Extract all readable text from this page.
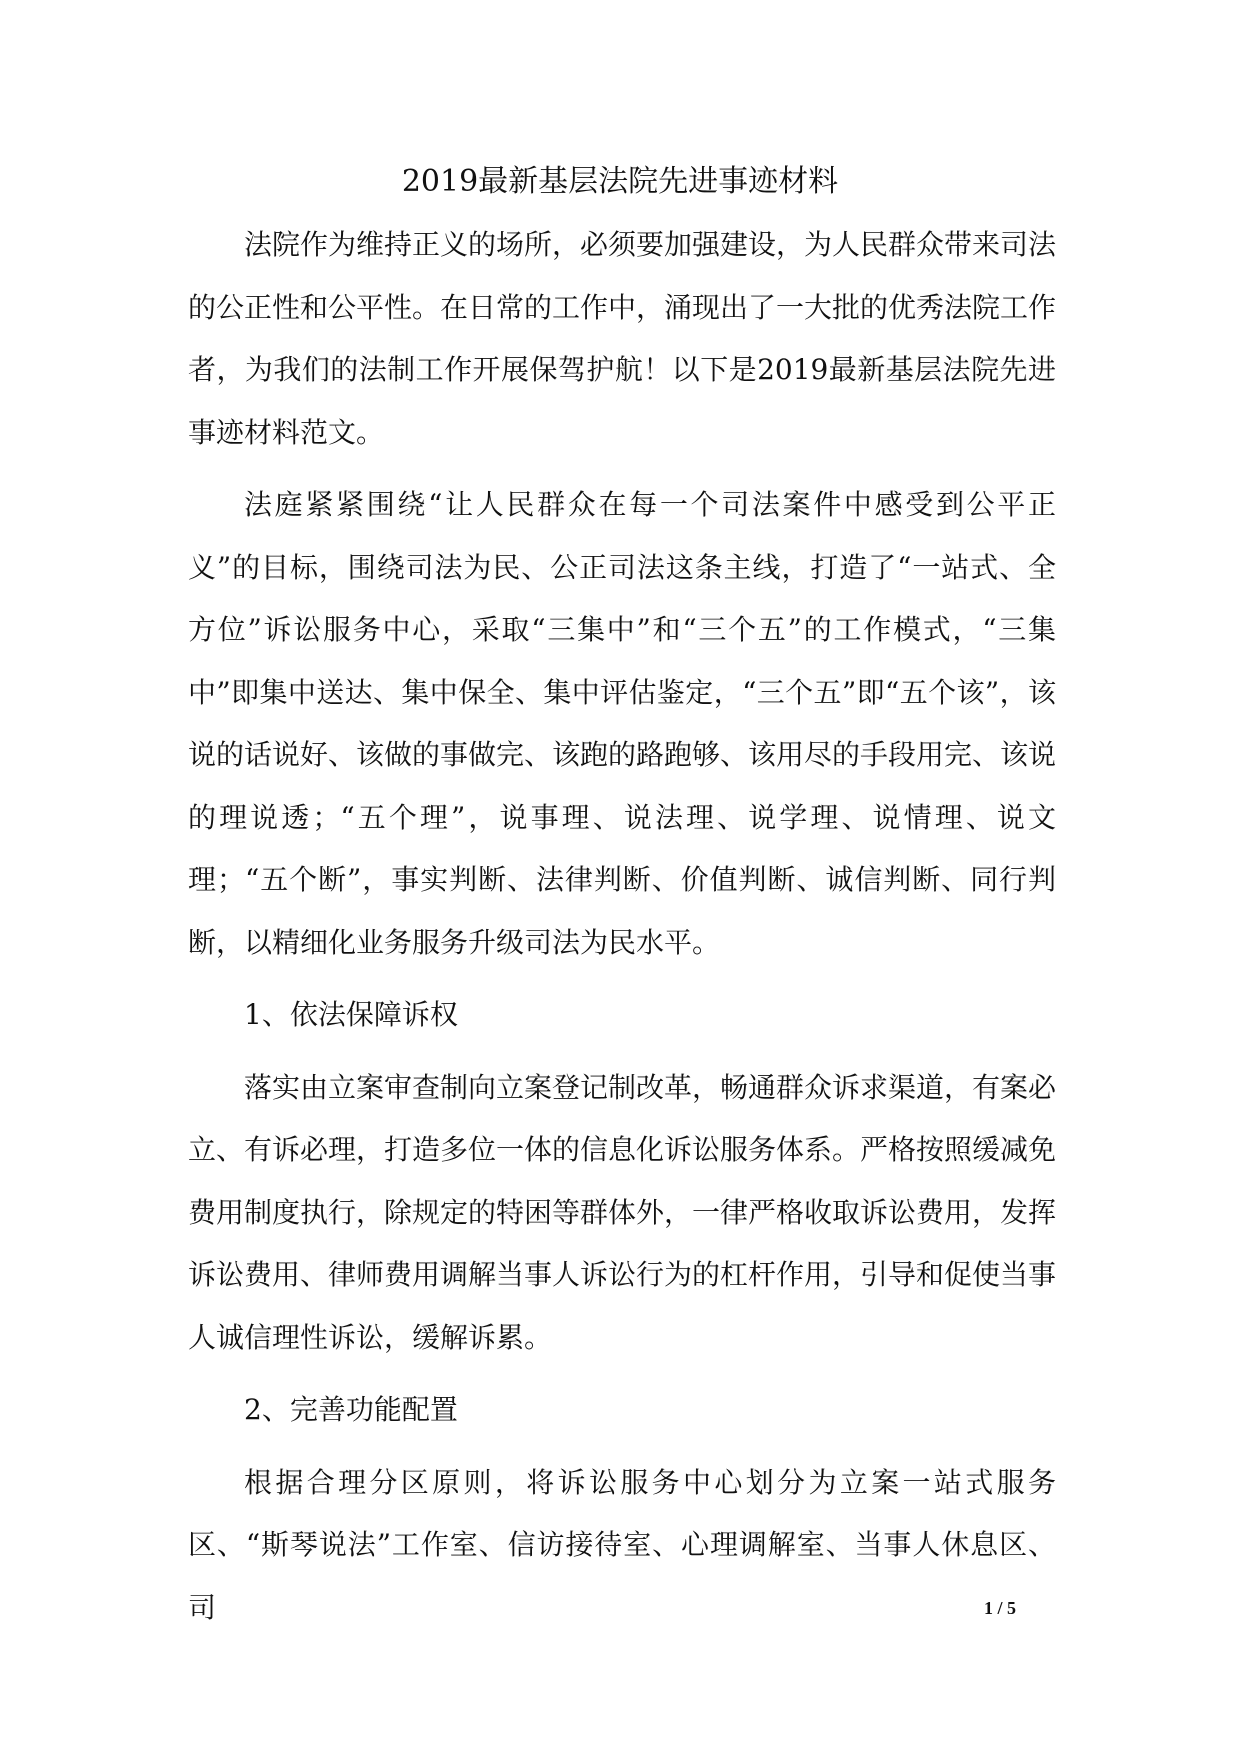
2019最新基层法院先进事迹材料

法院作为维持正义的场所，必须要加强建设，为人民群众带来司法的公正性和公平性。在日常的工作中，涌现出了一大批的优秀法院工作者，为我们的法制工作开展保驾护航！以下是2019最新基层法院先进事迹材料范文。

法庭紧紧围绕“让人民群众在每一个司法案件中感受到公平正义”的目标，围绕司法为民、公正司法这条主线，打造了“一站式、全方位”诉讼服务中心，采取“三集中”和“三个五”的工作模式，“三集中”即集中送达、集中保全、集中评估鉴定，“三个五”即“五个该”，该说的话说好、该做的事做完、该跑的路跑够、该用尽的手段用完、该说的理说透；“五个理”，说事理、说法理、说学理、说情理、说文理；“五个断”，事实判断、法律判断、价值判断、诚信判断、同行判断，以精细化业务服务升级司法为民水平。

1、依法保障诉权

落实由立案审查制向立案登记制改革，畅通群众诉求渠道，有案必立、有诉必理，打造多位一体的信息化诉讼服务体系。严格按照缓减免费用制度执行，除规定的特困等群体外，一律严格收取诉讼费用，发挥诉讼费用、律师费用调解当事人诉讼行为的杠杆作用，引导和促使当事人诚信理性诉讼，缓解诉累。

2、完善功能配置

根据合理分区原则，将诉讼服务中心划分为立案一站式服务区、“斯琴说法”工作室、信访接待室、心理调解室、当事人休息区、司	1 / 5
